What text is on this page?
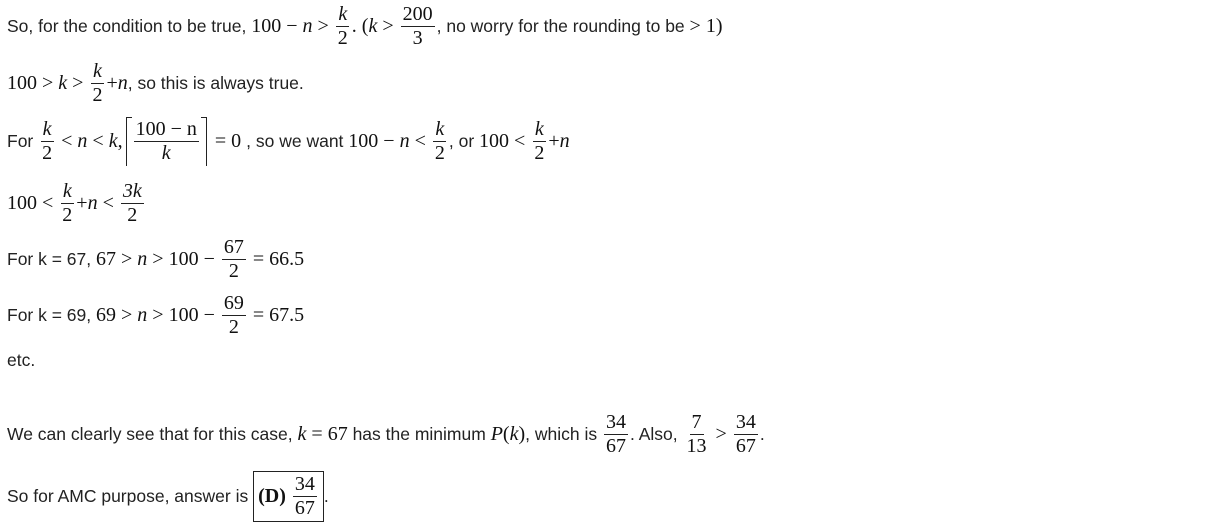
So, for the condition to be true,
$100 - n > \frac{k}{2}$ . ( $k > \frac{200}{3}$ , no worry for the rounding to be
> 1)
$100 > k > \frac{k}{2} + n$ , so this is always true.
For
$\frac{k}{2} < n < k$ , $\frac{100 - n}{k} = 0$ , so we want
$100 - n < \frac{k}{2}$ , or
$100 < \frac{k}{2} + n$
$100 < \frac{k}{2} + n < \frac{3k}{2}$
For k = 67,
$67 > n > 100 - \frac{67}{2} = 66.5$
For k = 69,
$69 > n > 100 - \frac{69}{2} = 67.5$
etc.
We can clearly see that for this case,
k = 67
has the minimum
P ( k ) , which is
$\frac{34}{67}$ . Also,
$\frac{7}{13} > \frac{34}{67}$ .
So for AMC purpose, answer is
(D)
$\frac{34}{67}$ .
